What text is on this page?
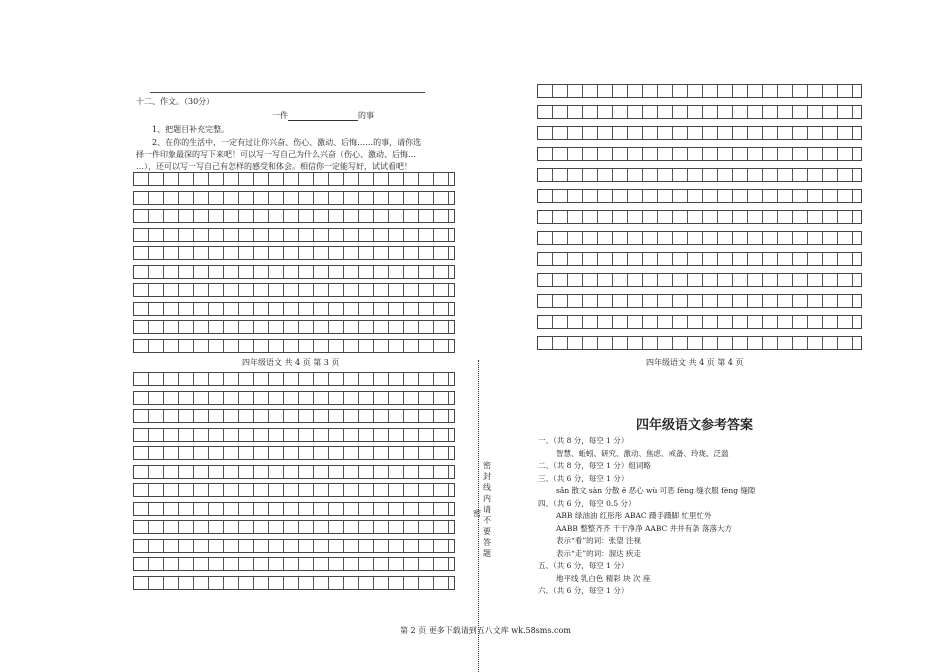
十二、作文。（30分）
一件	的事
1、把题目补充完整。
2、在你的生活中，一定有过让你兴奋、伤心、激动、后悔……的事，请你选
择一件印象最深的写下来吧！可以写一写自己为什么兴奋（伤心、激动、后悔…
…），还可以写一写自己有怎样的感受和体会。相信你一定能写好，试试看吧！
四年级语文 共 4 页 第 3 页	四年级语文 共 4 页 第 4 页
密
封
线
内
请
不
要
答
题
密
四年级语文参考答案
一、（共 8 分，每空 1 分）
智慧、蚯蚓、研究、激动、焦虑、戒备、玲珑、泛滥
二、（共 8 分，每空 1 分）组词略
三、（共 6 分，每空 1 分）
sǎn 散文 sàn 分散 ě 恶心 wù 可恶 fèng 缝衣服 fèng 缝隙
四、（共 6 分，每空 0.5 分）
ABB 绿油油 红彤彤 ABAC 蹑手蹑脚 忙里忙外
AABB 整整齐齐 干干净净 AABC 井井有条 落落大方
表示“看”的词：张望 注视
表示“走”的词：溜达 疾走
五、（共 6 分，每空 1 分）
地平线 乳白色 精彩 块 次 座
六、（共 6 分，每空 1 分）
第 2 页 更多下载请到五八文库 wk.58sms.com
